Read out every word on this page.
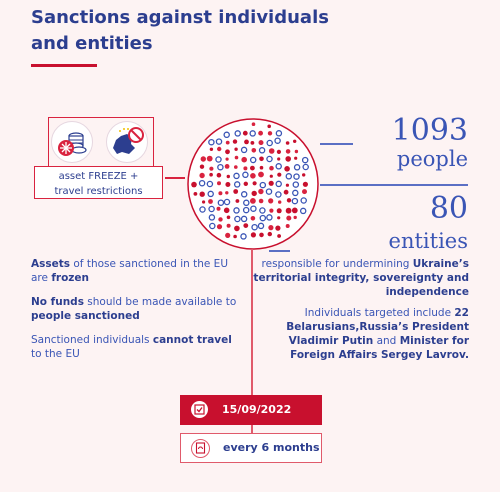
Sanctions against individuals and entities
asset FREEZE +
travel restrictions
1093
people
80
entities
Assets of those sanctioned in the EU are frozen
No funds should be made available to people sanctioned
Sanctioned individuals cannot travel to the EU
responsible for undermining Ukraine’s territorial integrity, sovereignty and independence
Individuals targeted include 22 Belarusians,Russia’s President Vladimir Putin and Minister for Foreign Affairs Sergey Lavrov.
15/09/2022
every 6 months
